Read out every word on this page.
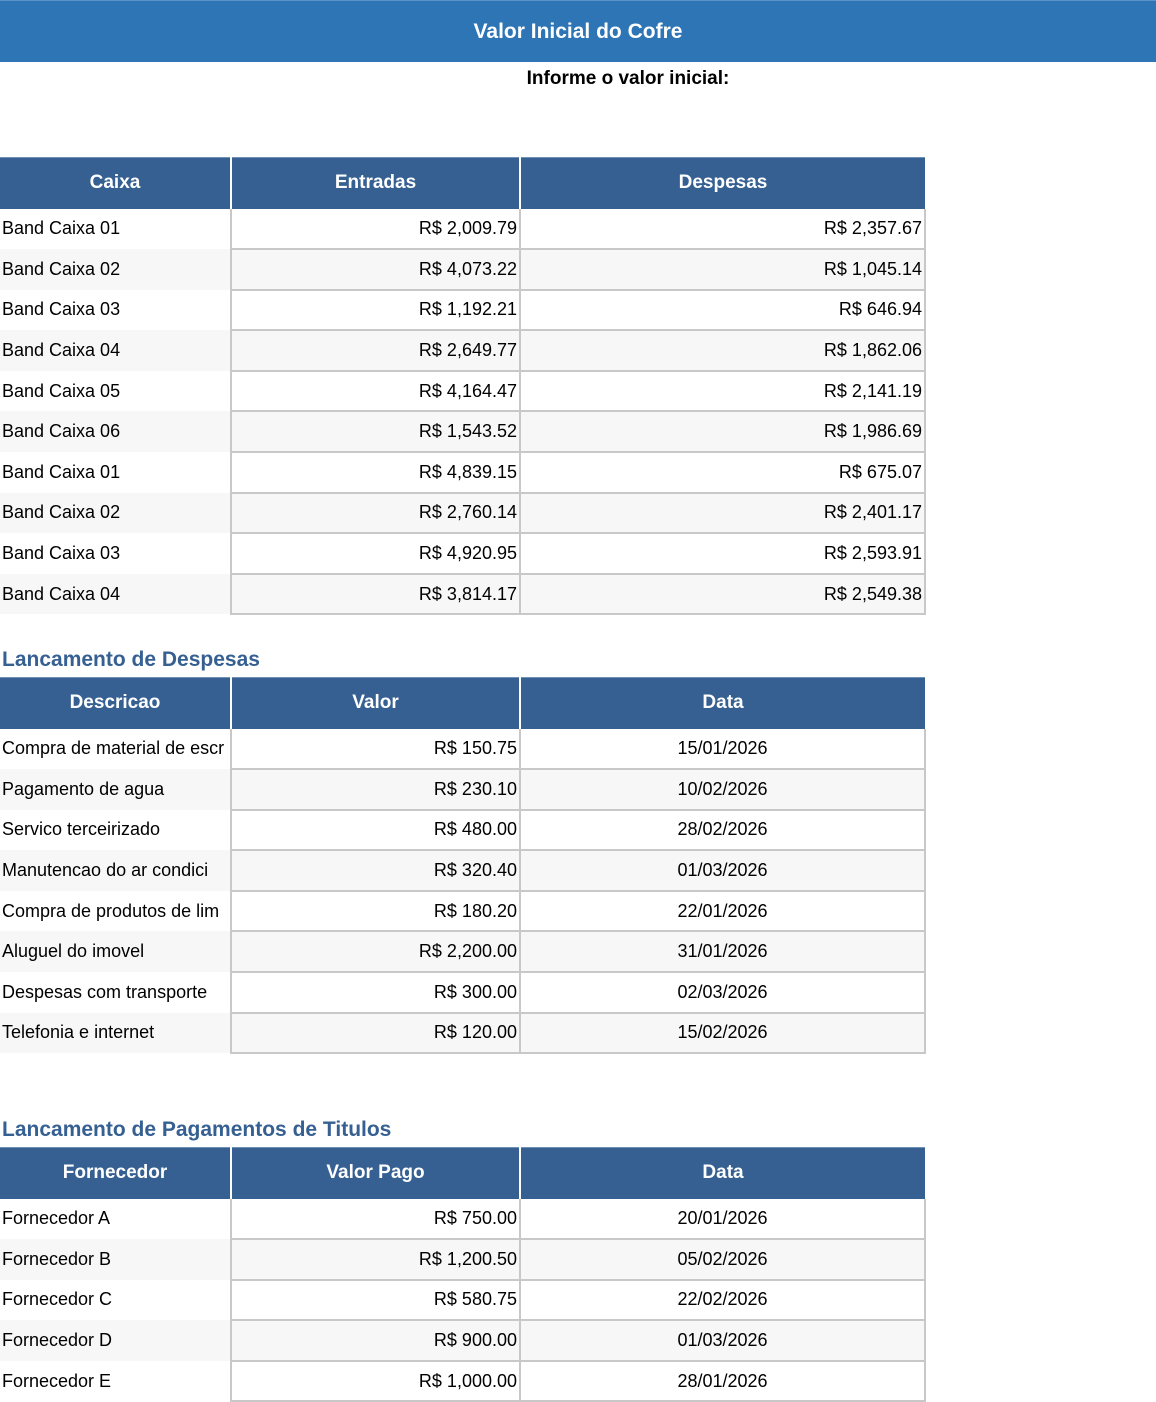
Valor Inicial do Cofre
Informe o valor inicial:
Caixa	Entradas	Despesas
Band Caixa 01	R$ 2,009.79	R$ 2,357.67
Band Caixa 02	R$ 4,073.22	R$ 1,045.14
Band Caixa 03	R$ 1,192.21	R$ 646.94
Band Caixa 04	R$ 2,649.77	R$ 1,862.06
Band Caixa 05	R$ 4,164.47	R$ 2,141.19
Band Caixa 06	R$ 1,543.52	R$ 1,986.69
Band Caixa 01	R$ 4,839.15	R$ 675.07
Band Caixa 02	R$ 2,760.14	R$ 2,401.17
Band Caixa 03	R$ 4,920.95	R$ 2,593.91
Band Caixa 04	R$ 3,814.17	R$ 2,549.38
Lancamento de Despesas
Descricao	Valor	Data
Compra de material de escr	R$ 150.75	15/01/2026
Pagamento de agua	R$ 230.10	10/02/2026
Servico terceirizado	R$ 480.00	28/02/2026
Manutencao do ar condici	R$ 320.40	01/03/2026
Compra de produtos de lim	R$ 180.20	22/01/2026
Aluguel do imovel	R$ 2,200.00	31/01/2026
Despesas com transporte	R$ 300.00	02/03/2026
Telefonia e internet	R$ 120.00	15/02/2026
Lancamento de Pagamentos de Titulos
Fornecedor	Valor Pago	Data
Fornecedor A	R$ 750.00	20/01/2026
Fornecedor B	R$ 1,200.50	05/02/2026
Fornecedor C	R$ 580.75	22/02/2026
Fornecedor D	R$ 900.00	01/03/2026
Fornecedor E	R$ 1,000.00	28/01/2026
